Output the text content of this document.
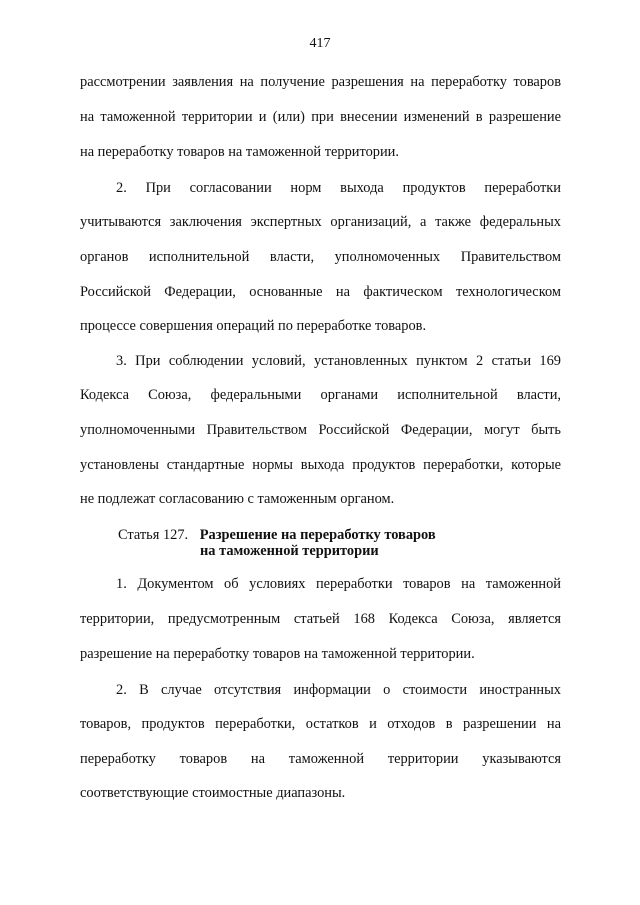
417
рассмотрении заявления на получение разрешения на переработку товаров
на таможенной территории и (или) при внесении изменений в разрешение
на переработку товаров на таможенной территории.
2. При согласовании норм выхода продуктов переработки
учитываются заключения экспертных организаций, а также федеральных
органов исполнительной власти, уполномоченных Правительством
Российской Федерации, основанные на фактическом технологическом
процессе совершения операций по переработке товаров.
3. При соблюдении условий, установленных пунктом 2 статьи 169
Кодекса Союза, федеральными органами исполнительной власти,
уполномоченными Правительством Российской Федерации, могут быть
установлены стандартные нормы выхода продуктов переработки, которые
не подлежат согласованию с таможенным органом.
Статья 127. Разрешение на переработку товаров
на таможенной территории
1. Документом об условиях переработки товаров на таможенной
территории, предусмотренным статьей 168 Кодекса Союза, является
разрешение на переработку товаров на таможенной территории.
2. В случае отсутствия информации о стоимости иностранных
товаров, продуктов переработки, остатков и отходов в разрешении на
переработку товаров на таможенной территории указываются
соответствующие стоимостные диапазоны.
